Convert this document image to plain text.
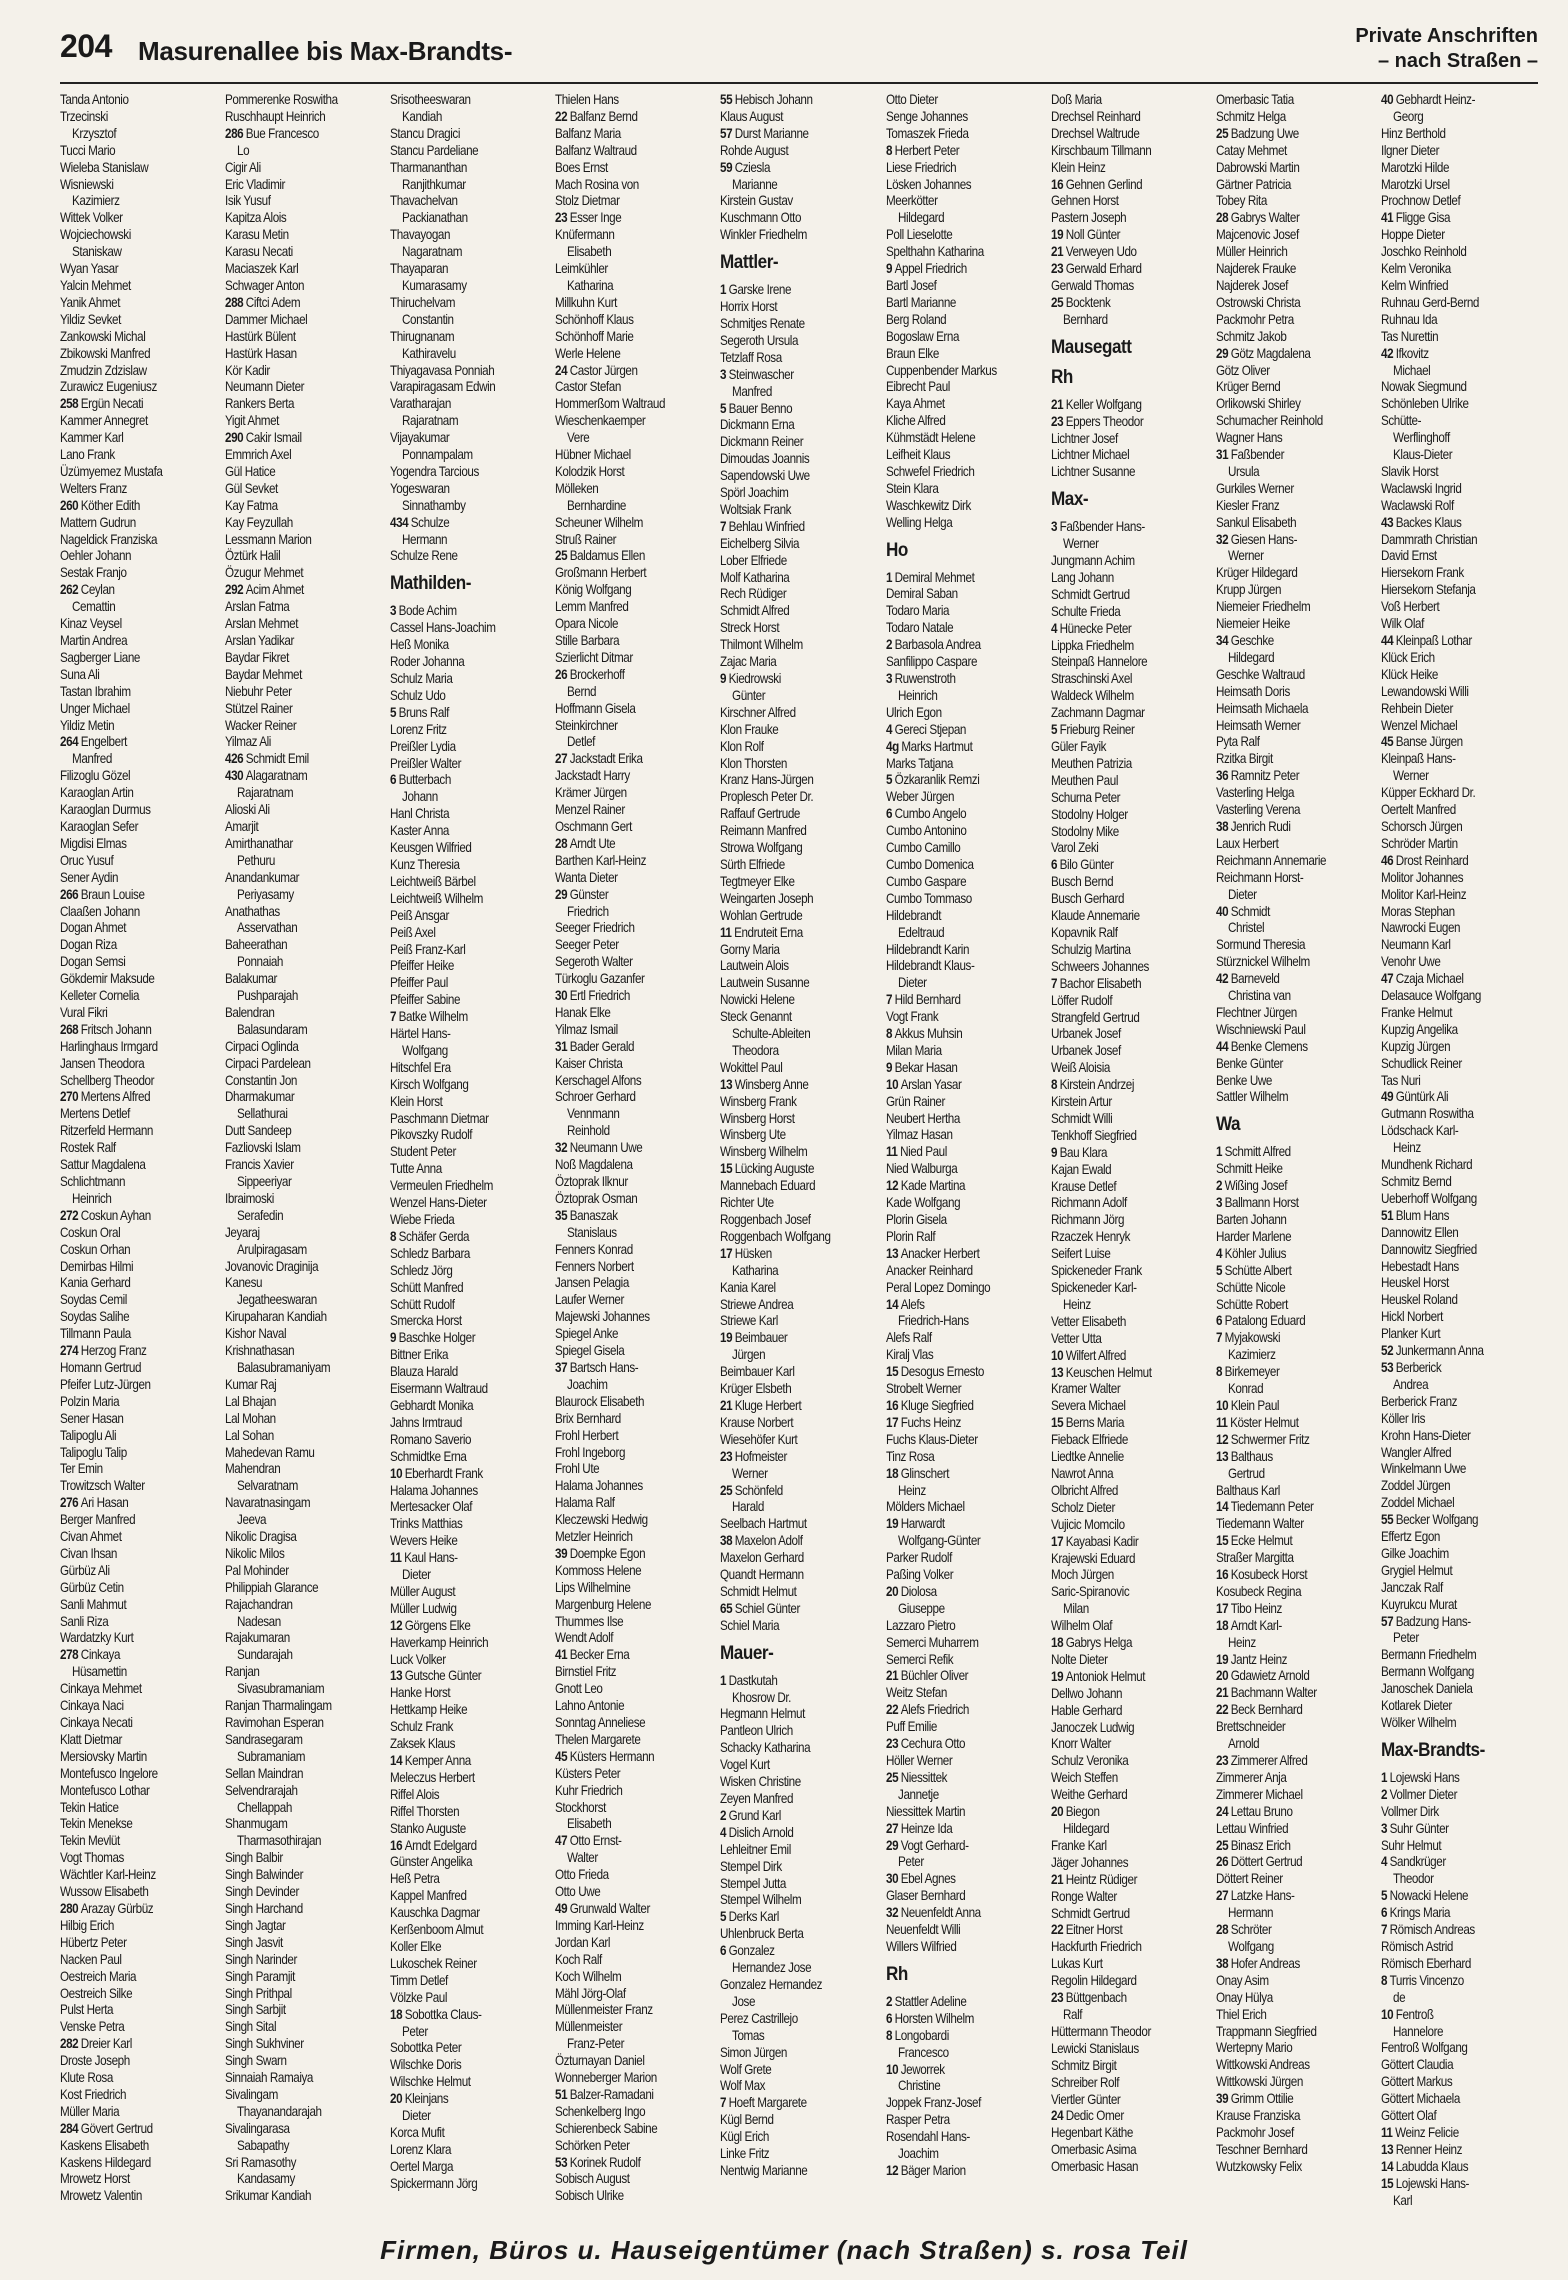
204 Masurenallee bis Max-Brandts-	Private Anschriften
– nach Straßen –
Tanda Antonio
Trzecinski
Krzysztof
Tucci Mario
Wieleba Stanislaw
Wisniewski
Kazimierz
Wittek Volker
Wojciechowski
Staniskaw
Wyan Yasar
Yalcin Mehmet
Yanik Ahmet
Yildiz Sevket
Zankowski Michal
Zbikowski Manfred
Zmudzin Zdzislaw
Zurawicz Eugeniusz
258 Ergün Necati
Kammer Annegret
Kammer Karl
Lano Frank
Üzümyemez Mustafa
Welters Franz
260 Köther Edith
Mattern Gudrun
Nageldick Franziska
Oehler Johann
Sestak Franjo
262 Ceylan
Cemattin
Kinaz Veysel
Martin Andrea
Sagberger Liane
Suna Ali
Tastan Ibrahim
Unger Michael
Yildiz Metin
264 Engelbert
Manfred
Filizoglu Gözel
Karaoglan Artin
Karaoglan Durmus
Karaoglan Sefer
Migdisi Elmas
Oruc Yusuf
Sener Aydin
266 Braun Louise
Claaßen Johann
Dogan Ahmet
Dogan Riza
Dogan Semsi
Gökdemir Maksude
Kelleter Cornelia
Vural Fikri
268 Fritsch Johann
Harlinghaus Irmgard
Jansen Theodora
Schellberg Theodor
270 Mertens Alfred
Mertens Detlef
Ritzerfeld Hermann
Rostek Ralf
Sattur Magdalena
Schlichtmann
Heinrich
272 Coskun Ayhan
Coskun Oral
Coskun Orhan
Demirbas Hilmi
Kania Gerhard
Soydas Cemil
Soydas Salihe
Tillmann Paula
274 Herzog Franz
Homann Gertrud
Pfeifer Lutz-Jürgen
Polzin Maria
Sener Hasan
Talipoglu Ali
Talipoglu Talip
Ter Emin
Trowitzsch Walter
276 Ari Hasan
Berger Manfred
Civan Ahmet
Civan Ihsan
Gürbüz Ali
Gürbüz Cetin
Sanli Mahmut
Sanli Riza
Wardatzky Kurt
278 Cinkaya
Hüsamettin
Cinkaya Mehmet
Cinkaya Naci
Cinkaya Necati
Klatt Dietmar
Mersiovsky Martin
Montefusco Ingelore
Montefusco Lothar
Tekin Hatice
Tekin Menekse
Tekin Mevlüt
Vogt Thomas
Wächtler Karl-Heinz
Wussow Elisabeth
280 Arazay Gürbüz
Hilbig Erich
Hübertz Peter
Nacken Paul
Oestreich Maria
Oestreich Silke
Pulst Herta
Venske Petra
282 Dreier Karl
Droste Joseph
Klute Rosa
Kost Friedrich
Müller Maria
284 Gövert Gertrud
Kaskens Elisabeth
Kaskens Hildegard
Mrowetz Horst
Mrowetz Valentin
Pommerenke Roswitha
Ruschhaupt Heinrich
286 Bue Francesco
Lo
Cigir Ali
Eric Vladimir
Isik Yusuf
Kapitza Alois
Karasu Metin
Karasu Necati
Maciaszek Karl
Schwager Anton
288 Ciftci Adem
Dammer Michael
Hastürk Bülent
Hastürk Hasan
Kör Kadir
Neumann Dieter
Rankers Berta
Yigit Ahmet
290 Cakir Ismail
Emmrich Axel
Gül Hatice
Gül Sevket
Kay Fatma
Kay Feyzullah
Lessmann Marion
Öztürk Halil
Özugur Mehmet
292 Acim Ahmet
Arslan Fatma
Arslan Mehmet
Arslan Yadikar
Baydar Fikret
Baydar Mehmet
Niebuhr Peter
Stützel Rainer
Wacker Reiner
Yilmaz Ali
426 Schmidt Emil
430 Alagaratnam
Rajaratnam
Alioski Ali
Amarjit
Amirthanathar
Pethuru
Anandankumar
Periyasamy
Anathathas
Asservathan
Baheerathan
Ponnaiah
Balakumar
Pushparajah
Balendran
Balasundaram
Cirpaci Oglinda
Cirpaci Pardelean
Constantin Jon
Dharmakumar
Sellathurai
Dutt Sandeep
Fazliovski Islam
Francis Xavier
Sippeeriyar
Ibraimoski
Serafedin
Jeyaraj
Arulpiragasam
Jovanovic Draginija
Kanesu
Jegatheeswaran
Kirupaharan Kandiah
Kishor Naval
Krishnathasan
Balasubramaniyam
Kumar Raj
Lal Bhajan
Lal Mohan
Lal Sohan
Mahedevan Ramu
Mahendran
Selvaratnam
Navaratnasingam
Jeeva
Nikolic Dragisa
Nikolic Milos
Pal Mohinder
Philippiah Glarance
Rajachandran
Nadesan
Rajakumaran
Sundarajah
Ranjan
Sivasubramaniam
Ranjan Tharmalingam
Ravimohan Esperan
Sandrasegaram
Subramaniam
Sellan Maindran
Selvendrarajah
Chellappah
Shanmugam
Tharmasothirajan
Singh Balbir
Singh Balwinder
Singh Devinder
Singh Harchand
Singh Jagtar
Singh Jasvit
Singh Narinder
Singh Paramjit
Singh Prithpal
Singh Sarbjit
Singh Sital
Singh Sukhviner
Singh Swarn
Sinnaiah Ramaiya
Sivalingam
Thayanandarajah
Sivalingarasa
Sabapathy
Sri Ramasothy
Kandasamy
Srikumar Kandiah
Srisotheeswaran
Kandiah
Stancu Dragici
Stancu Pardeliane
Tharmananthan
Ranjithkumar
Thavachelvan
Packianathan
Thavayogan
Nagaratnam
Thayaparan
Kumarasamy
Thiruchelvam
Constantin
Thirugnanam
Kathiravelu
Thiyagavasa Ponniah
Varapiragasam Edwin
Varatharajan
Rajaratnam
Vijayakumar
Ponnampalam
Yogendra Tarcious
Yogeswaran
Sinnathamby
434 Schulze
Hermann
Schulze Rene
Mathilden-
3 Bode Achim
Cassel Hans-Joachim
Heß Monika
Roder Johanna
Schulz Maria
Schulz Udo
5 Bruns Ralf
Lorenz Fritz
Preißler Lydia
Preißler Walter
6 Butterbach
Johann
Hanl Christa
Kaster Anna
Keusgen Wilfried
Kunz Theresia
Leichtweiß Bärbel
Leichtweiß Wilhelm
Peiß Ansgar
Peiß Axel
Peiß Franz-Karl
Pfeiffer Heike
Pfeiffer Paul
Pfeiffer Sabine
7 Batke Wilhelm
Härtel Hans-
Wolfgang
Hitschfel Era
Kirsch Wolfgang
Klein Horst
Paschmann Dietmar
Pikovszky Rudolf
Student Peter
Tutte Anna
Vermeulen Friedhelm
Wenzel Hans-Dieter
Wiebe Frieda
8 Schäfer Gerda
Schledz Barbara
Schledz Jörg
Schütt Manfred
Schütt Rudolf
Smercka Horst
9 Baschke Holger
Bittner Erika
Blauza Harald
Eisermann Waltraud
Gebhardt Monika
Jahns Irmtraud
Romano Saverio
Schmidtke Erna
10 Eberhardt Frank
Halama Johannes
Mertesacker Olaf
Trinks Matthias
Wevers Heike
11 Kaul Hans-
Dieter
Müller August
Müller Ludwig
12 Görgens Elke
Haverkamp Heinrich
Luck Volker
13 Gutsche Günter
Hanke Horst
Hettkamp Heike
Schulz Frank
Zaksek Klaus
14 Kemper Anna
Meleczus Herbert
Riffel Alois
Riffel Thorsten
Stanko Auguste
16 Arndt Edelgard
Günster Angelika
Heß Petra
Kappel Manfred
Kauschka Dagmar
Kerßenboom Almut
Koller Elke
Lukoschek Reiner
Timm Detlef
Völzke Paul
18 Sobottka Claus-
Peter
Sobottka Peter
Wilschke Doris
Wilschke Helmut
20 Kleinjans
Dieter
Korca Mufit
Lorenz Klara
Oertel Marga
Spickermann Jörg
Thielen Hans
22 Balfanz Bernd
Balfanz Maria
Balfanz Waltraud
Boes Ernst
Mach Rosina von
Stolz Dietmar
23 Esser Inge
Knüfermann
Elisabeth
Leimkühler
Katharina
Millkuhn Kurt
Schönhoff Klaus
Schönhoff Marie
Werle Helene
24 Castor Jürgen
Castor Stefan
Hommerßom Waltraud
Wieschenkaemper
Vere
Hübner Michael
Kolodzik Horst
Mölleken
Bernhardine
Scheuner Wilhelm
Struß Rainer
25 Baldamus Ellen
Großmann Herbert
König Wolfgang
Lemm Manfred
Opara Nicole
Stille Barbara
Szierlicht Ditmar
26 Brockerhoff
Bernd
Hoffmann Gisela
Steinkirchner
Detlef
27 Jackstadt Erika
Jackstadt Harry
Krämer Jürgen
Menzel Rainer
Oschmann Gert
28 Arndt Ute
Barthen Karl-Heinz
Wanta Dieter
29 Günster
Friedrich
Seeger Friedrich
Seeger Peter
Segeroth Walter
Türkoglu Gazanfer
30 Ertl Friedrich
Hanak Elke
Yilmaz Ismail
31 Bader Gerald
Kaiser Christa
Kerschagel Alfons
Schroer Gerhard
Vennmann
Reinhold
32 Neumann Uwe
Noß Magdalena
Öztoprak Ilknur
Öztoprak Osman
35 Banaszak
Stanislaus
Fenners Konrad
Fenners Norbert
Jansen Pelagia
Laufer Werner
Majewski Johannes
Spiegel Anke
Spiegel Gisela
37 Bartsch Hans-
Joachim
Blaurock Elisabeth
Brix Bernhard
Frohl Herbert
Frohl Ingeborg
Frohl Ute
Halama Johannes
Halama Ralf
Kleczewski Hedwig
Metzler Heinrich
39 Doempke Egon
Kommoss Helene
Lips Wilhelmine
Margenburg Helene
Thummes Ilse
Wendt Adolf
41 Becker Erna
Birnstiel Fritz
Gnott Leo
Lahno Antonie
Sonntag Anneliese
Thelen Margarete
45 Küsters Hermann
Küsters Peter
Kuhr Friedrich
Stockhorst
Elisabeth
47 Otto Ernst-
Walter
Otto Frieda
Otto Uwe
49 Grunwald Walter
Imming Karl-Heinz
Jordan Karl
Koch Ralf
Koch Wilhelm
Mähl Jörg-Olaf
Müllenmeister Franz
Müllenmeister
Franz-Peter
Özturnayan Daniel
Wonneberger Marion
51 Balzer-Ramadani
Schenkelberg Ingo
Schierenbeck Sabine
Schörken Peter
53 Korinek Rudolf
Sobisch August
Sobisch Ulrike
55 Hebisch Johann
Klaus August
57 Durst Marianne
Rohde August
59 Cziesla
Marianne
Kirstein Gustav
Kuschmann Otto
Winkler Friedhelm
Mattler-
1 Garske Irene
Horrix Horst
Schmitjes Renate
Segeroth Ursula
Tetzlaff Rosa
3 Steinwascher
Manfred
5 Bauer Benno
Dickmann Erna
Dickmann Reiner
Dimoudas Joannis
Sapendowski Uwe
Spörl Joachim
Woltsiak Frank
7 Behlau Winfried
Eichelberg Silvia
Lober Elfriede
Molf Katharina
Rech Rüdiger
Schmidt Alfred
Streck Horst
Thilmont Wilhelm
Zajac Maria
9 Kiedrowski
Günter
Kirschner Alfred
Klon Frauke
Klon Rolf
Klon Thorsten
Kranz Hans-Jürgen
Proplesch Peter Dr.
Raffauf Gertrude
Reimann Manfred
Strowa Wolfgang
Sürth Elfriede
Tegtmeyer Elke
Weingarten Joseph
Wohlan Gertrude
11 Endruteit Erna
Gorny Maria
Lautwein Alois
Lautwein Susanne
Nowicki Helene
Steck Genannt
Schulte-Ableiten
Theodora
Wokittel Paul
13 Winsberg Anne
Winsberg Frank
Winsberg Horst
Winsberg Ute
Winsberg Wilhelm
15 Lücking Auguste
Mannebach Eduard
Richter Ute
Roggenbach Josef
Roggenbach Wolfgang
17 Hüsken
Katharina
Kania Karel
Striewe Andrea
Striewe Karl
19 Beimbauer
Jürgen
Beimbauer Karl
Krüger Elsbeth
21 Kluge Herbert
Krause Norbert
Wiesehöfer Kurt
23 Hofmeister
Werner
25 Schönfeld
Harald
Seelbach Hartmut
38 Maxelon Adolf
Maxelon Gerhard
Quandt Hermann
Schmidt Helmut
65 Schiel Günter
Schiel Maria
Mauer-
1 Dastkutah
Khosrow Dr.
Hegmann Helmut
Pantleon Ulrich
Schacky Katharina
Vogel Kurt
Wisken Christine
Zeyen Manfred
2 Grund Karl
4 Dislich Arnold
Lehleitner Emil
Stempel Dirk
Stempel Jutta
Stempel Wilhelm
5 Derks Karl
Uhlenbruck Berta
6 Gonzalez
Hernandez Jose
Gonzalez Hernandez
Jose
Perez Castrillejo
Tomas
Simon Jürgen
Wolf Grete
Wolf Max
7 Hoeft Margarete
Kügl Bernd
Kügl Erich
Linke Fritz
Nentwig Marianne
Otto Dieter
Senge Johannes
Tomaszek Frieda
8 Herbert Peter
Liese Friedrich
Lösken Johannes
Meerkötter
Hildegard
Poll Lieselotte
Spelthahn Katharina
9 Appel Friedrich
Bartl Josef
Bartl Marianne
Berg Roland
Bogoslaw Erna
Braun Elke
Cuppenbender Markus
Eibrecht Paul
Kaya Ahmet
Kliche Alfred
Kühmstädt Helene
Leifheit Klaus
Schwefel Friedrich
Stein Klara
Waschkewitz Dirk
Welling Helga
Ho
1 Demiral Mehmet
Demiral Saban
Todaro Maria
Todaro Natale
2 Barbasola Andrea
Sanfilippo Caspare
3 Ruwenstroth
Heinrich
Ulrich Egon
4 Gereci Stjepan
4g Marks Hartmut
Marks Tatjana
5 Özkaranlik Remzi
Weber Jürgen
6 Cumbo Angelo
Cumbo Antonino
Cumbo Camillo
Cumbo Domenica
Cumbo Gaspare
Cumbo Tommaso
Hildebrandt
Edeltraud
Hildebrandt Karin
Hildebrandt Klaus-
Dieter
7 Hild Bernhard
Vogt Frank
8 Akkus Muhsin
Milan Maria
9 Bekar Hasan
10 Arslan Yasar
Grün Rainer
Neubert Hertha
Yilmaz Hasan
11 Nied Paul
Nied Walburga
12 Kade Martina
Kade Wolfgang
Plorin Gisela
Plorin Ralf
13 Anacker Herbert
Anacker Reinhard
Peral Lopez Domingo
14 Alefs
Friedrich-Hans
Alefs Ralf
Kiralj Vlas
15 Desogus Ernesto
Strobelt Werner
16 Kluge Siegfried
17 Fuchs Heinz
Fuchs Klaus-Dieter
Tinz Rosa
18 Glinschert
Heinz
Mölders Michael
19 Harwardt
Wolfgang-Günter
Parker Rudolf
Paßing Volker
20 Diolosa
Giuseppe
Lazzaro Pietro
Semerci Muharrem
Semerci Refik
21 Büchler Oliver
Weitz Stefan
22 Alefs Friedrich
Puff Emilie
23 Cechura Otto
Höller Werner
25 Niessittek
Jannetje
Niessittek Martin
27 Heinze Ida
29 Vogt Gerhard-
Peter
30 Ebel Agnes
Glaser Bernhard
32 Neuenfeldt Anna
Neuenfeldt Willi
Willers Wilfried
Rh
2 Stattler Adeline
6 Horsten Wilhelm
8 Longobardi
Francesco
10 Jeworrek
Christine
Joppek Franz-Josef
Rasper Petra
Rosendahl Hans-
Joachim
12 Bäger Marion
Doß Maria
Drechsel Reinhard
Drechsel Waltrude
Kirschbaum Tillmann
Klein Heinz
16 Gehnen Gerlind
Gehnen Horst
Pastern Joseph
19 Noll Günter
21 Verweyen Udo
23 Gerwald Erhard
Gerwald Thomas
25 Bocktenk
Bernhard
Mausegatt
Rh
21 Keller Wolfgang
23 Eppers Theodor
Lichtner Josef
Lichtner Michael
Lichtner Susanne
Max-
3 Faßbender Hans-
Werner
Jungmann Achim
Lang Johann
Schmidt Gertrud
Schulte Frieda
4 Hünecke Peter
Lippka Friedhelm
Steinpaß Hannelore
Straschinski Axel
Waldeck Wilhelm
Zachmann Dagmar
5 Frieburg Reiner
Güler Fayik
Meuthen Patrizia
Meuthen Paul
Schurna Peter
Stodolny Holger
Stodolny Mike
Varol Zeki
6 Bilo Günter
Busch Bernd
Busch Gerhard
Klaude Annemarie
Kopavnik Ralf
Schulzig Martina
Schweers Johannes
7 Bachor Elisabeth
Löffer Rudolf
Strangfeld Gertrud
Urbanek Josef
Urbanek Josef
Weiß Aloisia
8 Kirstein Andrzej
Kirstein Artur
Schmidt Willi
Tenkhoff Siegfried
9 Bau Klara
Kajan Ewald
Krause Detlef
Richmann Adolf
Richmann Jörg
Rzaczek Henryk
Seifert Luise
Spickeneder Frank
Spickeneder Karl-
Heinz
Vetter Elisabeth
Vetter Utta
10 Wilfert Alfred
13 Keuschen Helmut
Kramer Walter
Severa Michael
15 Berns Maria
Fieback Elfriede
Liedtke Annelie
Nawrot Anna
Olbricht Alfred
Scholz Dieter
Vujicic Momcilo
17 Kayabasi Kadir
Krajewski Eduard
Moch Jürgen
Saric-Spiranovic
Milan
Wilhelm Olaf
18 Gabrys Helga
Nolte Dieter
19 Antoniok Helmut
Dellwo Johann
Hable Gerhard
Janoczek Ludwig
Knorr Walter
Schulz Veronika
Weich Steffen
Weithe Gerhard
20 Biegon
Hildegard
Franke Karl
Jäger Johannes
21 Heintz Rüdiger
Ronge Walter
Schmidt Gertrud
22 Eitner Horst
Hackfurth Friedrich
Lukas Kurt
Regolin Hildegard
23 Büttgenbach
Ralf
Hüttermann Theodor
Lewicki Stanislaus
Schmitz Birgit
Schreiber Rolf
Viertler Günter
24 Dedic Omer
Hegenbart Käthe
Omerbasic Asima
Omerbasic Hasan
Omerbasic Tatia
Schmitz Helga
25 Badzung Uwe
Catay Mehmet
Dabrowski Martin
Gärtner Patricia
Tobey Rita
28 Gabrys Walter
Majcenovic Josef
Müller Heinrich
Najderek Frauke
Najderek Josef
Ostrowski Christa
Packmohr Petra
Schmitz Jakob
29 Götz Magdalena
Götz Oliver
Krüger Bernd
Orlikowski Shirley
Schumacher Reinhold
Wagner Hans
31 Faßbender
Ursula
Gurkiles Werner
Kiesler Franz
Sankul Elisabeth
32 Giesen Hans-
Werner
Krüger Hildegard
Krupp Jürgen
Niemeier Friedhelm
Niemeier Heike
34 Geschke
Hildegard
Geschke Waltraud
Heimsath Doris
Heimsath Michaela
Heimsath Werner
Pyta Ralf
Rzitka Birgit
36 Ramnitz Peter
Vasterling Helga
Vasterling Verena
38 Jenrich Rudi
Laux Herbert
Reichmann Annemarie
Reichmann Horst-
Dieter
40 Schmidt
Christel
Sormund Theresia
Stürznickel Wilhelm
42 Barneveld
Christina van
Flechtner Jürgen
Wischniewski Paul
44 Benke Clemens
Benke Günter
Benke Uwe
Sattler Wilhelm
Wa
1 Schmitt Alfred
Schmitt Heike
2 Wißing Josef
3 Ballmann Horst
Barten Johann
Harder Marlene
4 Köhler Julius
5 Schütte Albert
Schütte Nicole
Schütte Robert
6 Patalong Eduard
7 Myjakowski
Kazimierz
8 Birkemeyer
Konrad
10 Klein Paul
11 Köster Helmut
12 Schwermer Fritz
13 Balthaus
Gertrud
Balthaus Karl
14 Tiedemann Peter
Tiedemann Walter
15 Ecke Helmut
Straßer Margitta
16 Kosubeck Horst
Kosubeck Regina
17 Tibo Heinz
18 Arndt Karl-
Heinz
19 Jantz Heinz
20 Gdawietz Arnold
21 Bachmann Walter
22 Beck Bernhard
Brettschneider
Arnold
23 Zimmerer Alfred
Zimmerer Anja
Zimmerer Michael
24 Lettau Bruno
Lettau Winfried
25 Binasz Erich
26 Döttert Gertrud
Döttert Reiner
27 Latzke Hans-
Hermann
28 Schröter
Wolfgang
38 Hofer Andreas
Onay Asim
Onay Hülya
Thiel Erich
Trappmann Siegfried
Wertepny Mario
Wittkowski Andreas
Wittkowski Jürgen
39 Grimm Ottilie
Krause Franziska
Packmohr Josef
Teschner Bernhard
Wutzkowsky Felix
40 Gebhardt Heinz-
Georg
Hinz Berthold
Ilgner Dieter
Marotzki Hilde
Marotzki Ursel
Prochnow Detlef
41 Fligge Gisa
Hoppe Dieter
Joschko Reinhold
Kelm Veronika
Kelm Winfried
Ruhnau Gerd-Bernd
Ruhnau Ida
Tas Nurettin
42 Ifkovitz
Michael
Nowak Siegmund
Schönleben Ulrike
Schütte-
Werflinghoff
Klaus-Dieter
Slavik Horst
Waclawski Ingrid
Waclawski Rolf
43 Backes Klaus
Dammrath Christian
David Ernst
Hiersekorn Frank
Hiersekorn Stefanja
Voß Herbert
Wilk Olaf
44 Kleinpaß Lothar
Klück Erich
Klück Heike
Lewandowski Willi
Rehbein Dieter
Wenzel Michael
45 Banse Jürgen
Kleinpaß Hans-
Werner
Küpper Eckhard Dr.
Oertelt Manfred
Schorsch Jürgen
Schröder Martin
46 Drost Reinhard
Molitor Johannes
Molitor Karl-Heinz
Moras Stephan
Nawrocki Eugen
Neumann Karl
Venohr Uwe
47 Czaja Michael
Delasauce Wolfgang
Franke Helmut
Kupzig Angelika
Kupzig Jürgen
Schudlick Reiner
Tas Nuri
49 Güntürk Ali
Gutmann Roswitha
Lödschack Karl-
Heinz
Mundhenk Richard
Schmitz Bernd
Ueberhoff Wolfgang
51 Blum Hans
Dannowitz Ellen
Dannowitz Siegfried
Hebestadt Hans
Heuskel Horst
Heuskel Roland
Hickl Norbert
Planker Kurt
52 Junkermann Anna
53 Berberick
Andrea
Berberick Franz
Köller Iris
Krohn Hans-Dieter
Wangler Alfred
Winkelmann Uwe
Zoddel Jürgen
Zoddel Michael
55 Becker Wolfgang
Effertz Egon
Gilke Joachim
Grygiel Helmut
Janczak Ralf
Kuyrukcu Murat
57 Badzung Hans-
Peter
Bermann Friedhelm
Bermann Wolfgang
Janoschek Daniela
Kotlarek Dieter
Wölker Wilhelm
Max-Brandts-
1 Lojewski Hans
2 Vollmer Dieter
Vollmer Dirk
3 Suhr Günter
Suhr Helmut
4 Sandkrüger
Theodor
5 Nowacki Helene
6 Krings Maria
7 Römisch Andreas
Römisch Astrid
Römisch Eberhard
8 Turris Vincenzo
de
10 Fentroß
Hannelore
Fentroß Wolfgang
Göttert Claudia
Göttert Markus
Göttert Michaela
Göttert Olaf
11 Weinz Felicie
13 Renner Heinz
14 Labudda Klaus
15 Lojewski Hans-
Karl
Firmen, Büros u. Hauseigentümer (nach Straßen) s. rosa Teil
